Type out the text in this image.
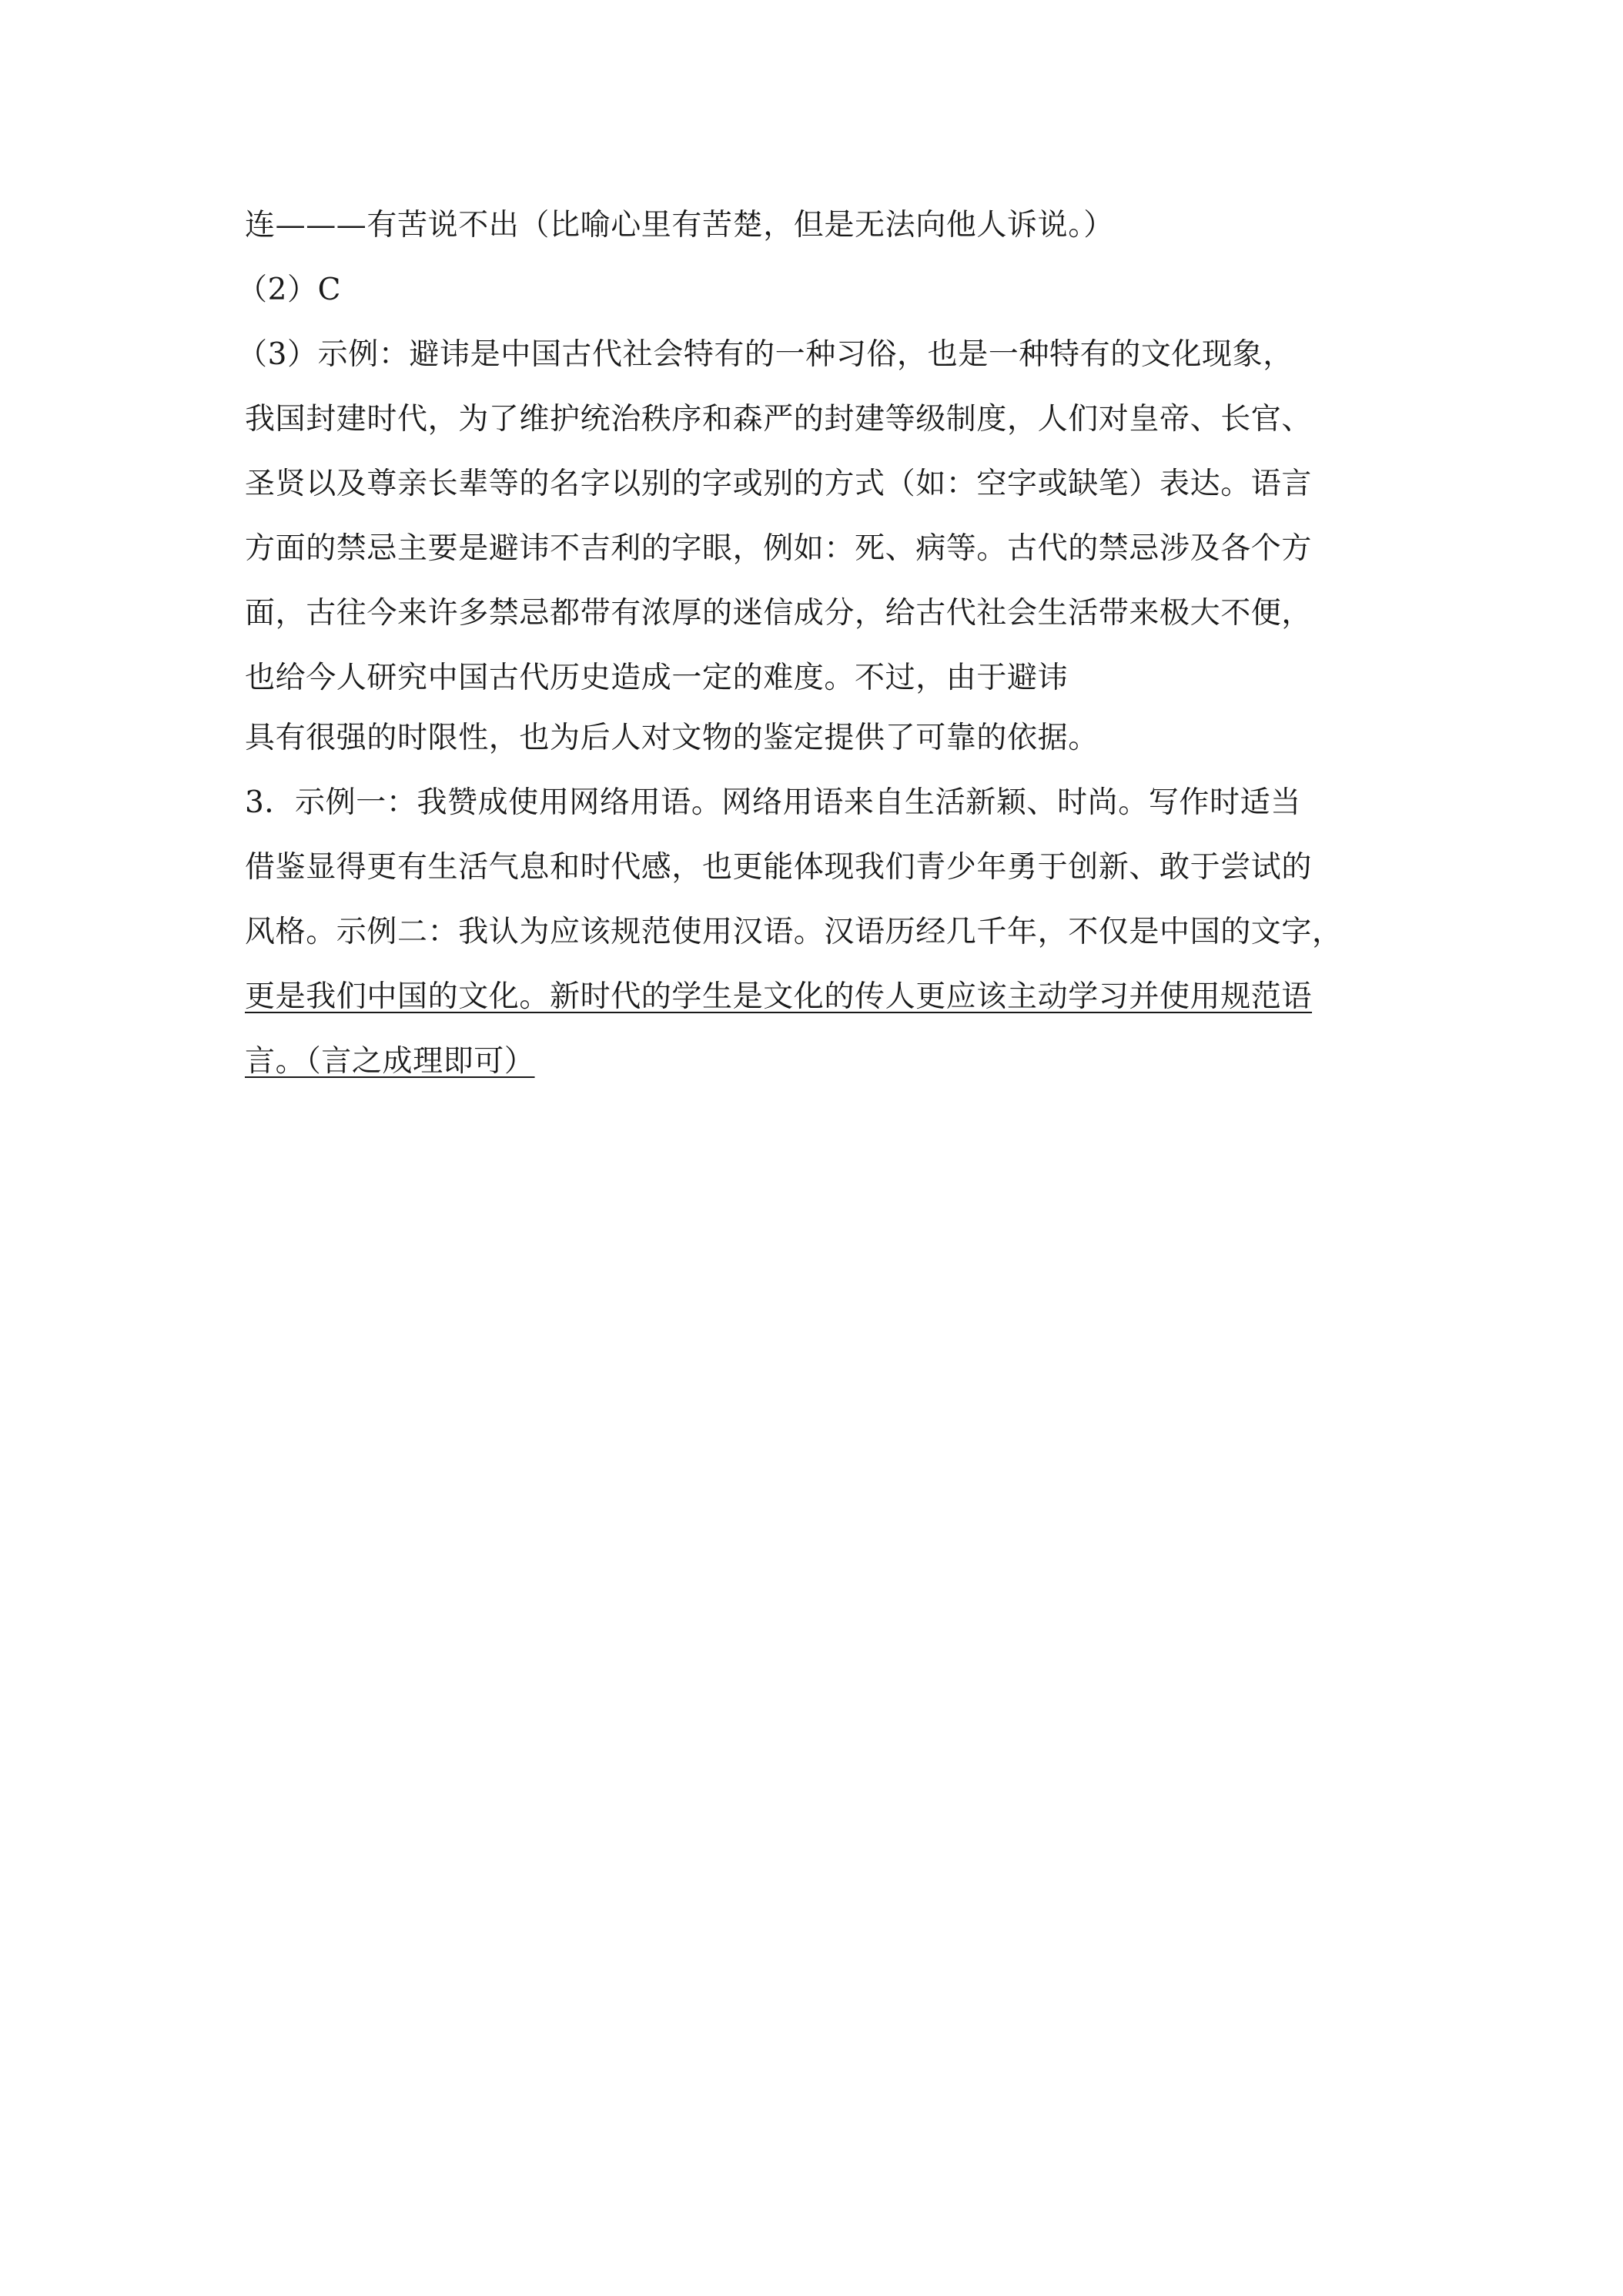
连———有苦说不出（比喻心里有苦楚，但是无法向他人诉说。）
（2）C
（3）示例：避讳是中国古代社会特有的一种习俗，也是一种特有的文化现象，
我国封建时代，为了维护统治秩序和森严的封建等级制度，人们对皇帝、长官、
圣贤以及尊亲长辈等的名字以别的字或别的方式（如：空字或缺笔）表达。语言
方面的禁忌主要是避讳不吉利的字眼，例如：死、病等。古代的禁忌涉及各个方
面，古往今来许多禁忌都带有浓厚的迷信成分，给古代社会生活带来极大不便，
也给今人研究中国古代历史造成一定的难度。不过，由于避讳
具有很强的时限性，也为后人对文物的鉴定提供了可靠的依据。
3．示例一：我赞成使用网络用语。网络用语来自生活新颖、时尚。写作时适当
借鉴显得更有生活气息和时代感，也更能体现我们青少年勇于创新、敢于尝试的
风格。示例二：我认为应该规范使用汉语。汉语历经几千年，不仅是中国的文字，
更是我们中国的文化。新时代的学生是文化的传人更应该主动学习并使用规范语
言。（言之成理即可）
